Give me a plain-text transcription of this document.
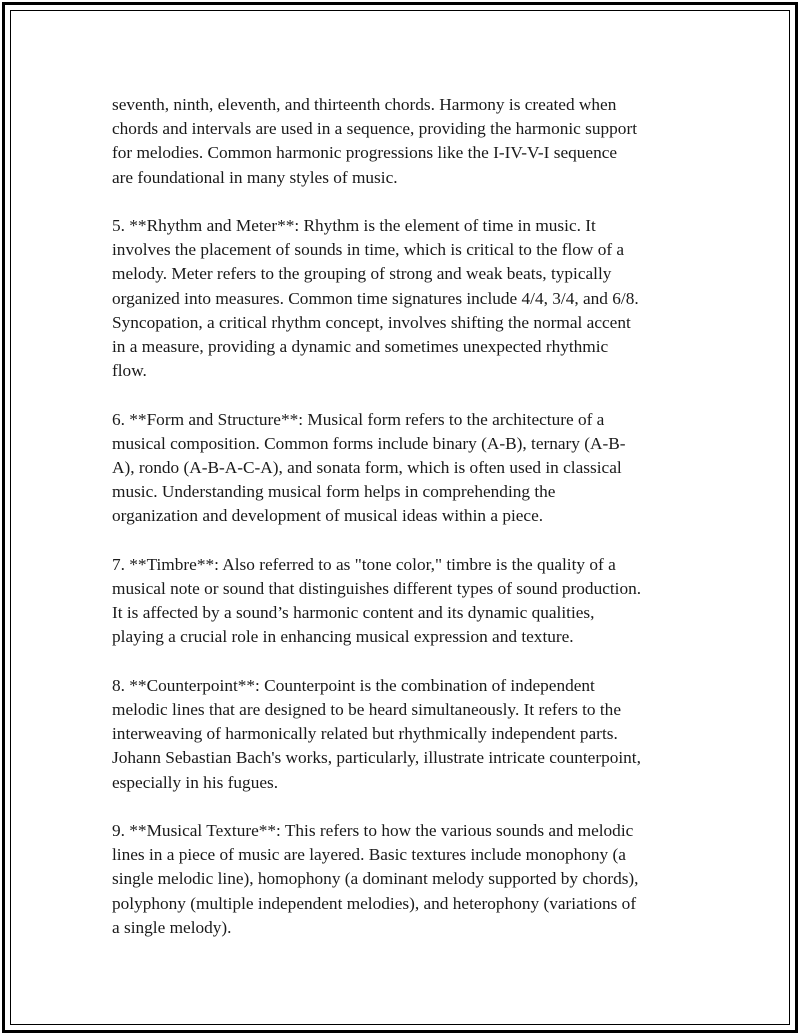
seventh, ninth, eleventh, and thirteenth chords. Harmony is created when
chords and intervals are used in a sequence, providing the harmonic support
for melodies. Common harmonic progressions like the I-IV-V-I sequence
are foundational in many styles of music.

5. **Rhythm and Meter**: Rhythm is the element of time in music. It
involves the placement of sounds in time, which is critical to the flow of a
melody. Meter refers to the grouping of strong and weak beats, typically
organized into measures. Common time signatures include 4/4, 3/4, and 6/8.
Syncopation, a critical rhythm concept, involves shifting the normal accent
in a measure, providing a dynamic and sometimes unexpected rhythmic
flow.

6. **Form and Structure**: Musical form refers to the architecture of a
musical composition. Common forms include binary (A-B), ternary (A-B-
A), rondo (A-B-A-C-A), and sonata form, which is often used in classical
music. Understanding musical form helps in comprehending the
organization and development of musical ideas within a piece.

7. **Timbre**: Also referred to as "tone color," timbre is the quality of a
musical note or sound that distinguishes different types of sound production.
It is affected by a sound’s harmonic content and its dynamic qualities,
playing a crucial role in enhancing musical expression and texture.

8. **Counterpoint**: Counterpoint is the combination of independent
melodic lines that are designed to be heard simultaneously. It refers to the
interweaving of harmonically related but rhythmically independent parts.
Johann Sebastian Bach's works, particularly, illustrate intricate counterpoint,
especially in his fugues.

9. **Musical Texture**: This refers to how the various sounds and melodic
lines in a piece of music are layered. Basic textures include monophony (a
single melodic line), homophony (a dominant melody supported by chords),
polyphony (multiple independent melodies), and heterophony (variations of
a single melody).
